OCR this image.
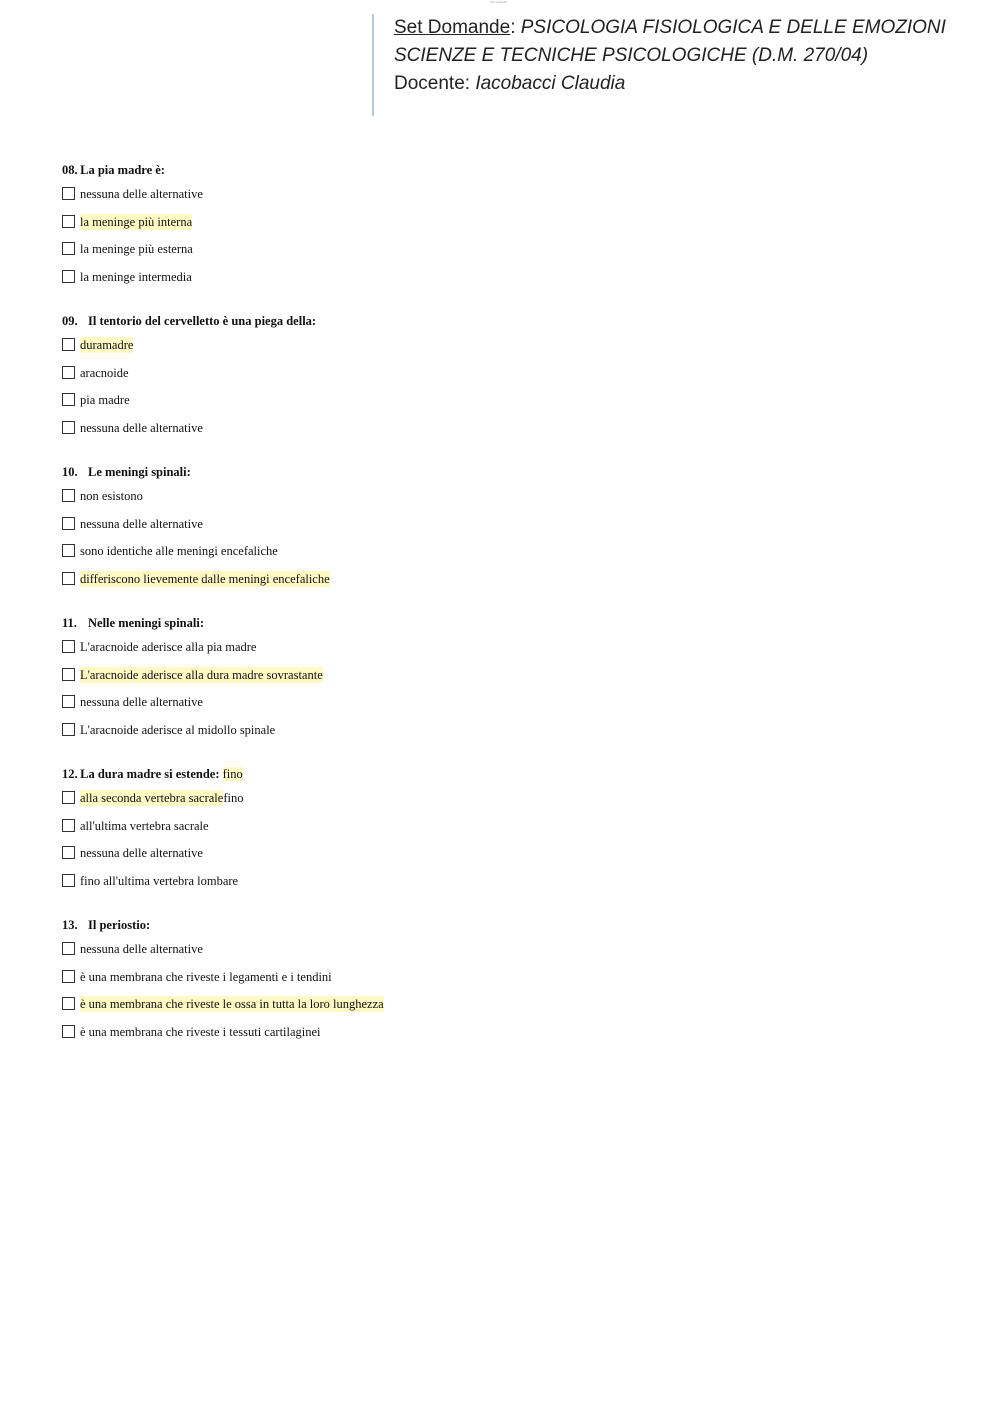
Documento
Set Domande: PSICOLOGIA FISIOLOGICA E DELLE EMOZIONI
SCIENZE E TECNICHE PSICOLOGICHE (D.M. 270/04)
Docente: Iacobacci Claudia
08.  La pia madre è:
nessuna delle alternative
la meninge più interna
la meninge più esterna
la meninge intermedia
09. Il tentorio del cervelletto è una piega della:
duramadre
aracnoide
pia madre
nessuna delle alternative
10. Le meningi spinali:
non esistono
nessuna delle alternative
sono identiche alle meningi encefaliche
differiscono lievemente dalle meningi encefaliche
11. Nelle meningi spinali:
L'aracnoide aderisce alla pia madre
L'aracnoide aderisce alla dura madre sovrastante
nessuna delle alternative
L'aracnoide aderisce al midollo spinale
12.  La dura madre si estende: fino
alla seconda vertebra sacrale fino
all'ultima vertebra sacrale
nessuna delle alternative
fino all'ultima vertebra lombare
13. Il periostio:
nessuna delle alternative
è una membrana che riveste i legamenti e i tendini
è una membrana che riveste le ossa in tutta la loro lunghezza
è una membrana che riveste i tessuti cartilaginei
